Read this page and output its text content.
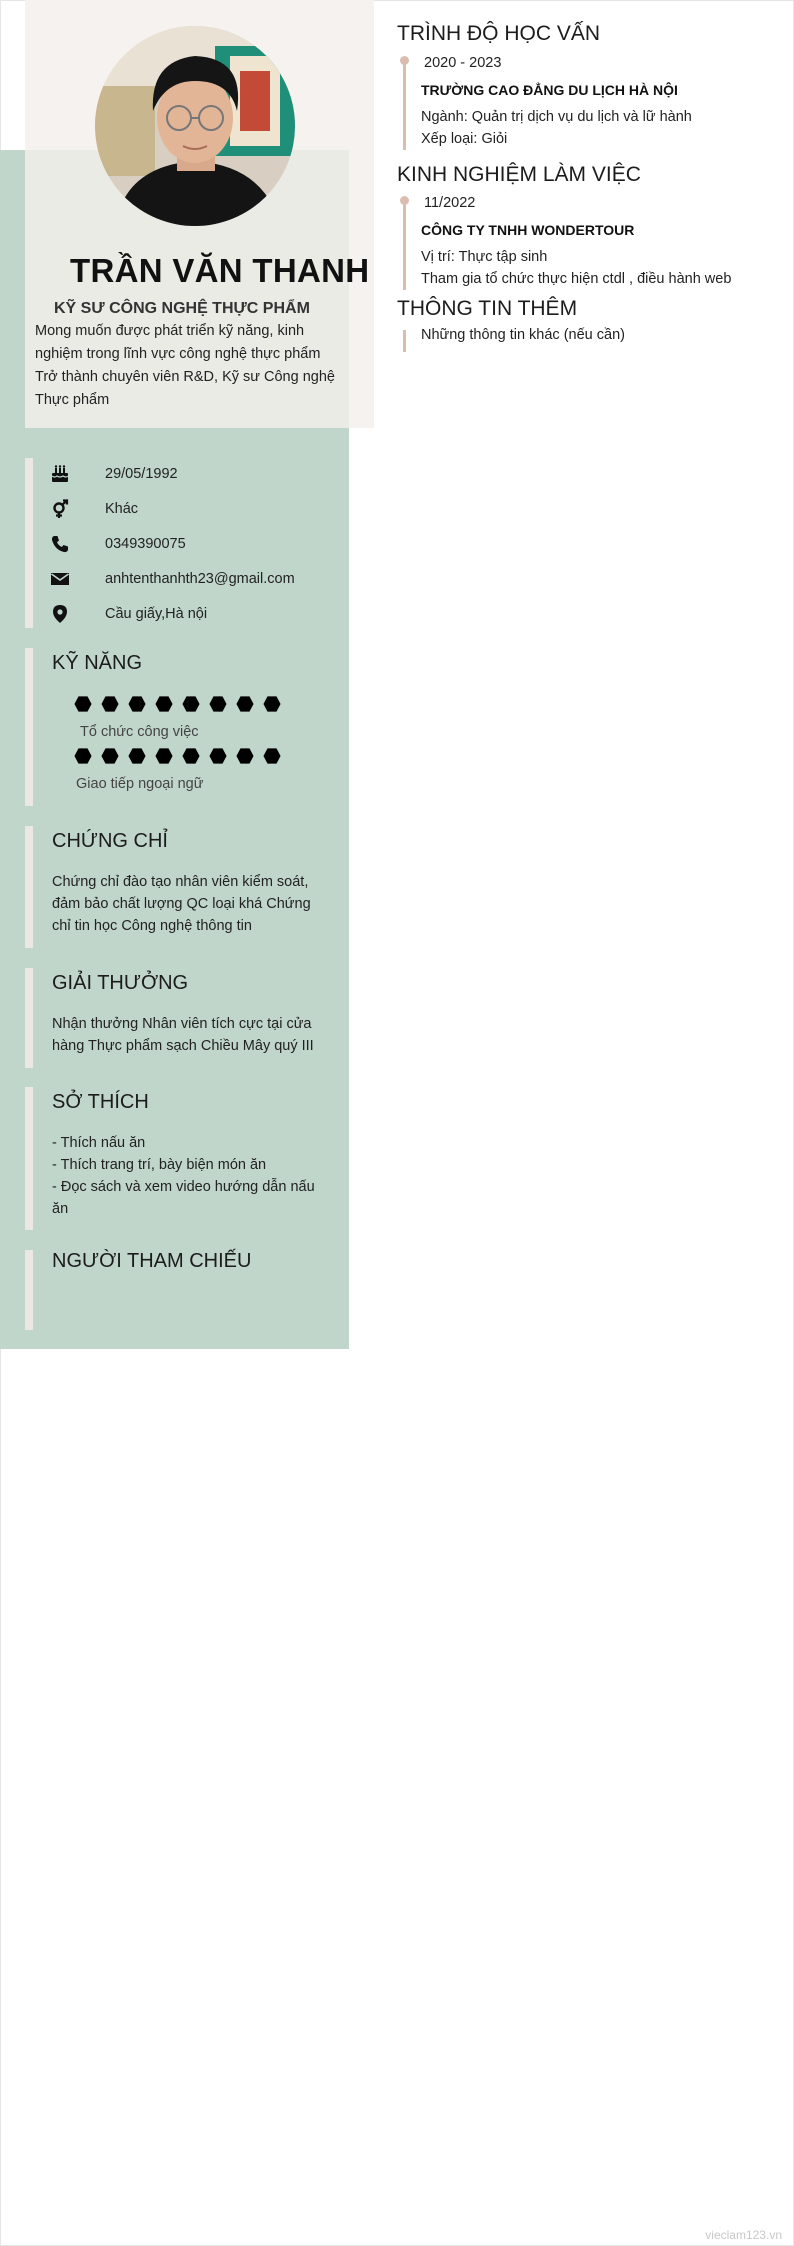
TRẦN VĂN THANH
KỸ SƯ CÔNG NGHỆ THỰC PHẨM
Mong muốn được phát triển kỹ năng, kinh nghiệm trong lĩnh vực công nghệ thực phẩm Trở thành chuyên viên R&D, Kỹ sư Công nghệ Thực phẩm
29/05/1992
Khác
0349390075
anhtenthanhth23@gmail.com
Cầu giấy,Hà nội
KỸ NĂNG
Tổ chức công việc
Giao tiếp ngoại ngữ
CHỨNG CHỈ
Chứng chỉ đào tạo nhân viên kiểm soát, đảm bảo chất lượng QC loại khá Chứng chỉ tin học Công nghệ thông tin
GIẢI THƯỞNG
Nhận thưởng Nhân viên tích cực tại cửa hàng Thực phẩm sạch Chiều Mây quý III
SỞ THÍCH
- Thích nấu ăn
- Thích trang trí, bày biện món ăn
- Đọc sách và xem video hướng dẫn nấu ăn
NGƯỜI THAM CHIẾU
TRÌNH ĐỘ HỌC VẤN
2020 - 2023
TRƯỜNG CAO ĐẲNG DU LỊCH HÀ NỘI
Ngành: Quản trị dịch vụ du lịch và lữ hành
Xếp loại: Giỏi
KINH NGHIỆM LÀM VIỆC
11/2022
CÔNG TY TNHH WONDERTOUR
Vị trí: Thực tập sinh
Tham gia tổ chức thực hiện ctdl , điều hành web
THÔNG TIN THÊM
Những thông tin khác (nếu cần)
vieclam123.vn
